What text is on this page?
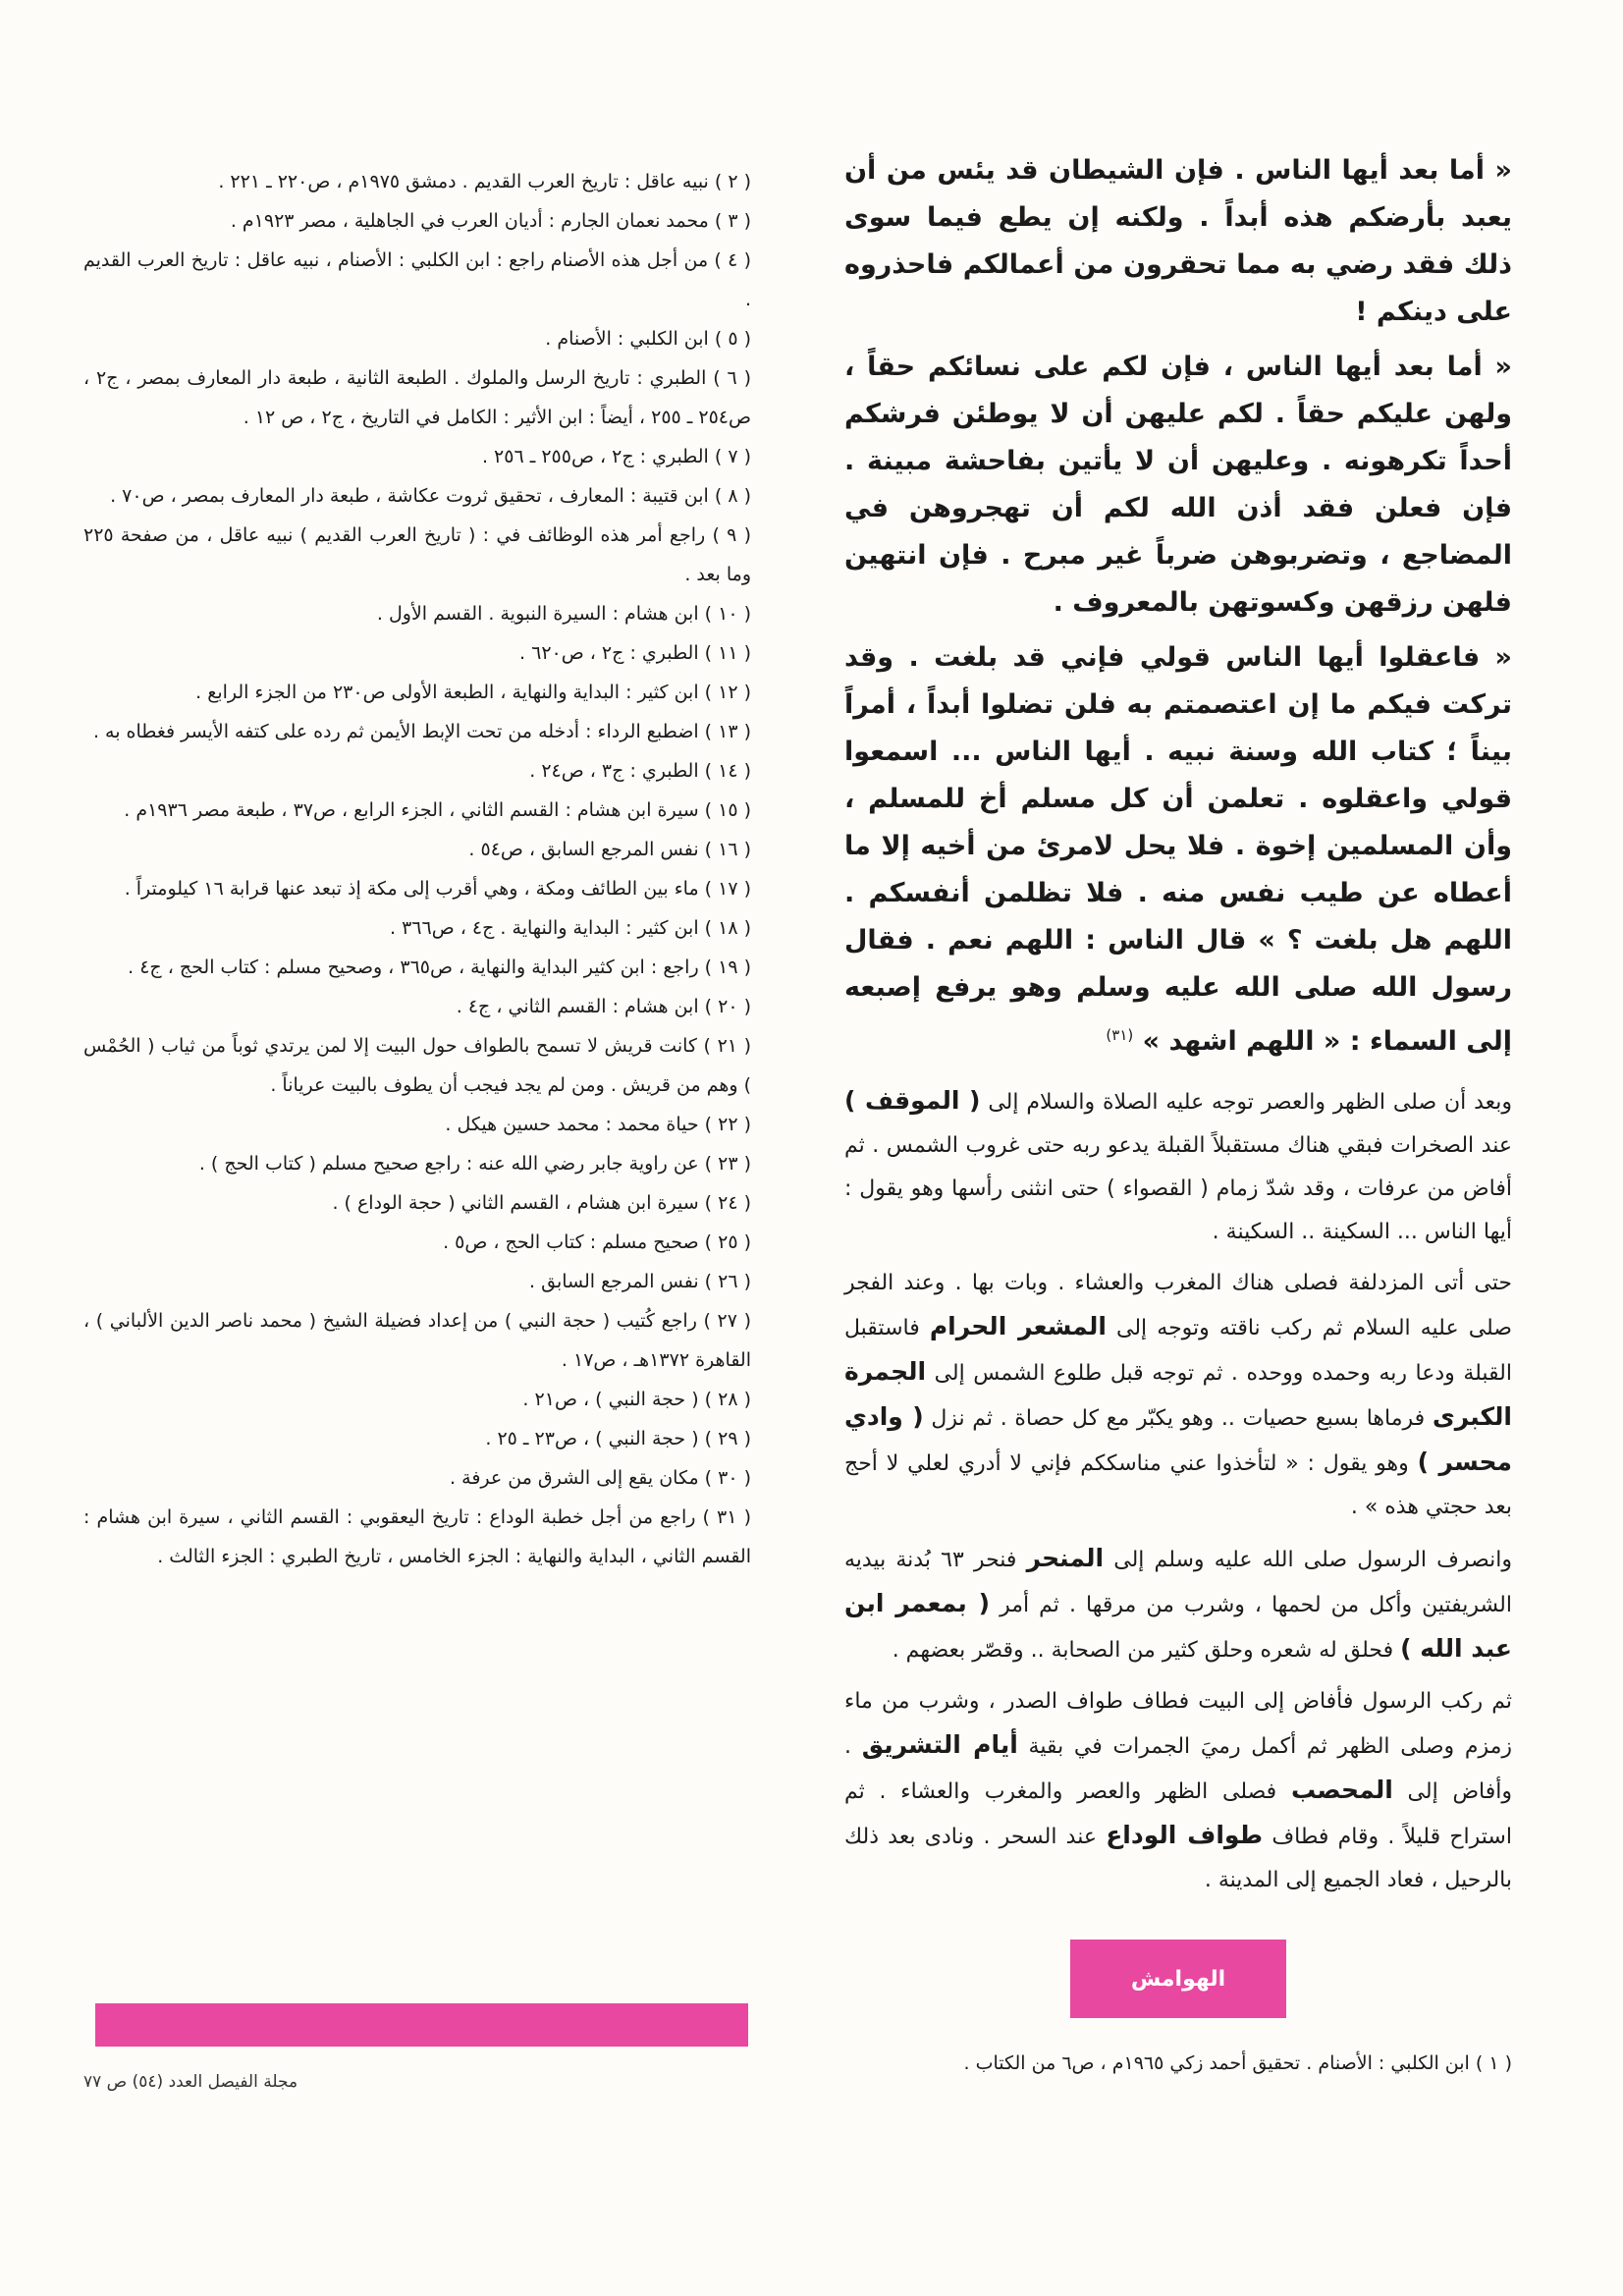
« أما بعد أيها الناس . فإن الشيطان قد يئس من أن يعبد بأرضكم هذه أبداً . ولكنه إن يطع فيما سوى ذلك فقد رضي به مما تحقرون من أعمالكم فاحذروه على دينكم !

« أما بعد أيها الناس ، فإن لكم على نسائكم حقاً ، ولهن عليكم حقاً . لكم عليهن أن لا يوطئن فرشكم أحداً تكرهونه . وعليهن أن لا يأتين بفاحشة مبينة . فإن فعلن فقد أذن الله لكم أن تهجروهن في المضاجع ، وتضربوهن ضرباً غير مبرح . فإن انتهين فلهن رزقهن وكسوتهن بالمعروف .

« فاعقلوا أيها الناس قولي فإني قد بلغت . وقد تركت فيكم ما إن اعتصمتم به فلن تضلوا أبداً ، أمراً بيناً ؛ كتاب الله وسنة نبيه . أيها الناس ... اسمعوا قولي واعقلوه . تعلمن أن كل مسلم أخ للمسلم ، وأن المسلمين إخوة . فلا يحل لامرئ من أخيه إلا ما أعطاه عن طيب نفس منه . فلا تظلمن أنفسكم . اللهم هل بلغت ؟ » قال الناس : اللهم نعم . فقال رسول الله صلى الله عليه وسلم وهو يرفع إصبعه إلى السماء : « اللهم اشهد » $^{(٣١)}$

وبعد أن صلى الظهر والعصر توجه عليه الصلاة والسلام إلى ( الموقف ) عند الصخرات فبقي هناك مستقبلاً القبلة يدعو ربه حتى غروب الشمس . ثم أفاض من عرفات ، وقد شدّ زمام ( القصواء ) حتى انثنى رأسها وهو يقول : أيها الناس ... السكينة .. السكينة .

حتى أتى المزدلفة فصلى هناك المغرب والعشاء . وبات بها . وعند الفجر صلى عليه السلام ثم ركب ناقته وتوجه إلى المشعر الحرام فاستقبل القبلة ودعا ربه وحمده ووحده . ثم توجه قبل طلوع الشمس إلى الجمرة الكبرى فرماها بسبع حصيات .. وهو يكبّر مع كل حصاة . ثم نزل ( وادي محسر ) وهو يقول : « لتأخذوا عني مناسككم فإني لا أدري لعلي لا أحج بعد حجتي هذه » .

وانصرف الرسول صلى الله عليه وسلم إلى المنحر فنحر ٦٣ بُدنة بيديه الشريفتين وأكل من لحمها ، وشرب من مرقها . ثم أمر ( بمعمر ابن عبد الله ) فحلق له شعره وحلق كثير من الصحابة .. وقصّر بعضهم .

ثم ركب الرسول فأفاض إلى البيت فطاف طواف الصدر ، وشرب من ماء زمزم وصلى الظهر ثم أكمل رميَ الجمرات في بقية أيام التشريق . وأفاض إلى المحصب فصلى الظهر والعصر والمغرب والعشاء . ثم استراح قليلاً . وقام فطاف طواف الوداع عند السحر . ونادى بعد ذلك بالرحيل ، فعاد الجميع إلى المدينة .

الهوامش

( ١ ) ابن الكلبي : الأصنام . تحقيق أحمد زكي ١٩٦٥م ، ص٦ من الكتاب .

( ٢ ) نبيه عاقل : تاريخ العرب القديم . دمشق ١٩٧٥م ، ص٢٢٠ ـ ٢٢١ .

( ٣ ) محمد نعمان الجارم : أديان العرب في الجاهلية ، مصر ١٩٢٣م .

( ٤ ) من أجل هذه الأصنام راجع : ابن الكلبي : الأصنام ، نبيه عاقل : تاريخ العرب القديم .

( ٥ ) ابن الكلبي : الأصنام .

( ٦ ) الطبري : تاريخ الرسل والملوك . الطبعة الثانية ، طبعة دار المعارف بمصر ، ج٢ ، ص٢٥٤ ـ ٢٥٥ ، أيضاً : ابن الأثير : الكامل في التاريخ ، ج٢ ، ص ١٢ .

( ٧ ) الطبري : ج٢ ، ص٢٥٥ ـ ٢٥٦ .

( ٨ ) ابن قتيبة : المعارف ، تحقيق ثروت عكاشة ، طبعة دار المعارف بمصر ، ص٧٠ .

( ٩ ) راجع أمر هذه الوظائف في : ( تاريخ العرب القديم ) نبيه عاقل ، من صفحة ٢٢٥ وما بعد .

( ١٠ ) ابن هشام : السيرة النبوية . القسم الأول .

( ١١ ) الطبري : ج٢ ، ص٦٢٠ .

( ١٢ ) ابن كثير : البداية والنهاية ، الطبعة الأولى ص٢٣٠ من الجزء الرابع .

( ١٣ ) اضطبع الرداء : أدخله من تحت الإبط الأيمن ثم رده على كتفه الأيسر فغطاه به .

( ١٤ ) الطبري : ج٣ ، ص٢٤ .

( ١٥ ) سيرة ابن هشام : القسم الثاني ، الجزء الرابع ، ص٣٧ ، طبعة مصر ١٩٣٦م .

( ١٦ ) نفس المرجع السابق ، ص٥٤ .

( ١٧ ) ماء بين الطائف ومكة ، وهي أقرب إلى مكة إذ تبعد عنها قرابة ١٦ كيلومتراً .

( ١٨ ) ابن كثير : البداية والنهاية . ج٤ ، ص٣٦٦ .

( ١٩ ) راجع : ابن كثير البداية والنهاية ، ص٣٦٥ ، وصحيح مسلم : كتاب الحج ، ج٤ .

( ٢٠ ) ابن هشام : القسم الثاني ، ج٤ .

( ٢١ ) كانت قريش لا تسمح بالطواف حول البيت إلا لمن يرتدي ثوباً من ثياب ( الحُمْس ) وهم من قريش . ومن لم يجد فيجب أن يطوف بالبيت عرياناً .

( ٢٢ ) حياة محمد : محمد حسين هيكل .

( ٢٣ ) عن راوية جابر رضي الله عنه : راجع صحيح مسلم ( كتاب الحج ) .

( ٢٤ ) سيرة ابن هشام ، القسم الثاني ( حجة الوداع ) .

( ٢٥ ) صحيح مسلم : كتاب الحج ، ص٥ .

( ٢٦ ) نفس المرجع السابق .

( ٢٧ ) راجع كُتيب ( حجة النبي ) من إعداد فضيلة الشيخ ( محمد ناصر الدين الألباني ) ، القاهرة ١٣٧٢هـ ، ص١٧ .

( ٢٨ ) ( حجة النبي ) ، ص٢١ .

( ٢٩ ) ( حجة النبي ) ، ص٢٣ ـ ٢٥ .

( ٣٠ ) مكان يقع إلى الشرق من عرفة .

( ٣١ ) راجع من أجل خطبة الوداع : تاريخ اليعقوبي : القسم الثاني ، سيرة ابن هشام : القسم الثاني ، البداية والنهاية : الجزء الخامس ، تاريخ الطبري : الجزء الثالث .

مجلة الفيصل العدد (٥٤) ص ٧٧
